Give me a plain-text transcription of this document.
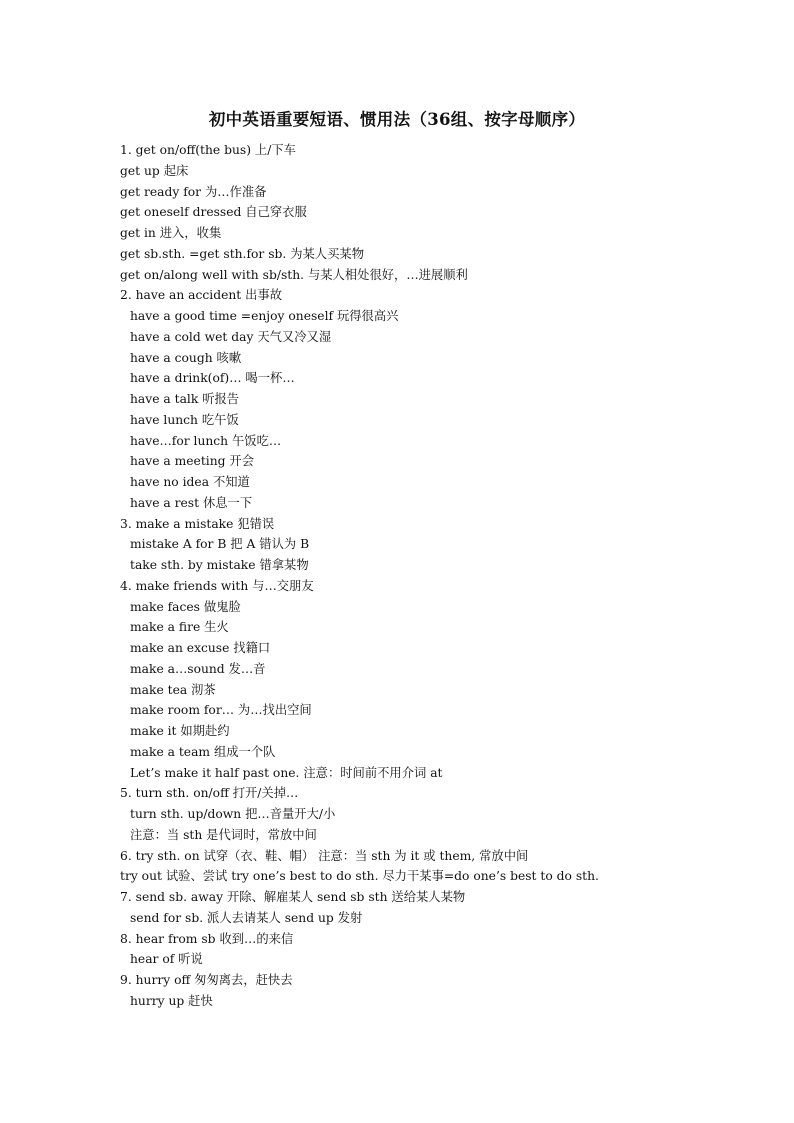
初中英语重要短语、惯用法（36组、按字母顺序）
1. get on/off(the bus) 上/下车
get up 起床
get ready for 为…作准备
get oneself dressed 自己穿衣服
get in 进入，收集
get sb.sth. =get sth.for sb. 为某人买某物
get on/along well with sb/sth. 与某人相处很好，…进展顺利
2. have an accident 出事故
have a good time =enjoy oneself 玩得很高兴
have a cold wet day 天气又冷又湿
have a cough 咳嗽
have a drink(of)… 喝一杯…
have a talk 听报告
have lunch 吃午饭
have…for lunch 午饭吃…
have a meeting 开会
have no idea 不知道
have a rest 休息一下
3. make a mistake 犯错误
mistake A for B 把 A 错认为 B
take sth. by mistake 错拿某物
4. make friends with 与…交朋友
make faces 做鬼脸
make a fire 生火
make an excuse 找籍口
make a…sound 发…音
make tea 沏茶
make room for… 为…找出空间
make it 如期赴约
make a team 组成一个队
Let’s make it half past one. 注意：时间前不用介词 at
5. turn sth. on/off 打开/关掉…
turn sth. up/down 把…音量开大/小
注意：当 sth 是代词时，常放中间
6. try sth. on 试穿（衣、鞋、帽） 注意：当 sth 为 it 或 them, 常放中间
try out 试验、尝试 try one’s best to do sth. 尽力干某事=do one’s best to do sth.
7. send sb. away 开除、解雇某人 send sb sth 送给某人某物
send for sb. 派人去请某人 send up 发射
8. hear from sb 收到…的来信
hear of 听说
9. hurry off 匆匆离去，赶快去
hurry up 赶快
